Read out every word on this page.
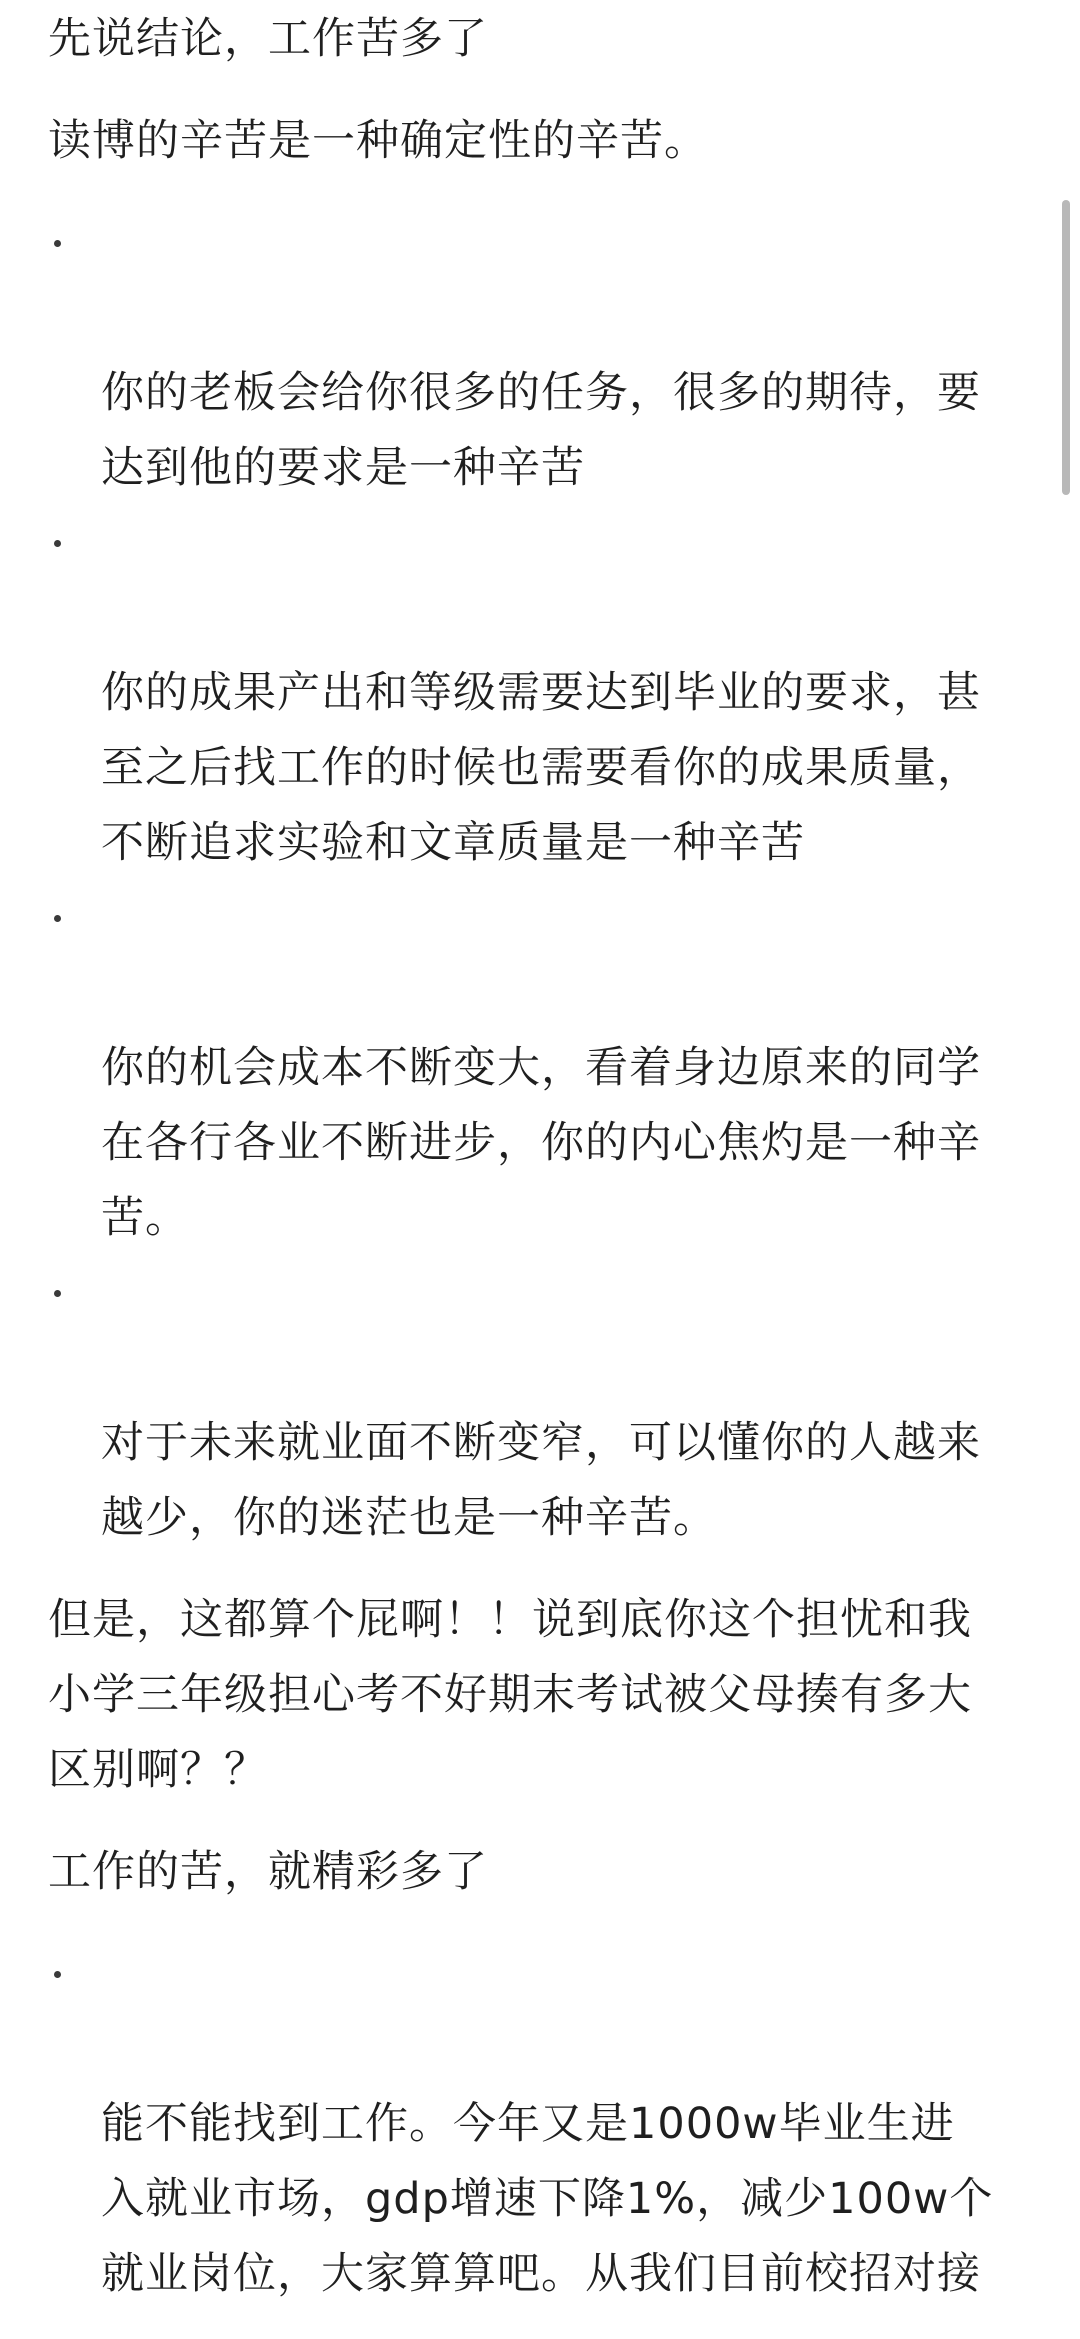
先说结论，工作苦多了

读博的辛苦是一种确定性的辛苦。

你的老板会给你很多的任务，很多的期待，要
达到他的要求是一种辛苦

你的成果产出和等级需要达到毕业的要求，甚
至之后找工作的时候也需要看你的成果质量，
不断追求实验和文章质量是一种辛苦

你的机会成本不断变大，看着身边原来的同学
在各行各业不断进步，你的内心焦灼是一种辛
苦。

对于未来就业面不断变窄，可以懂你的人越来
越少，你的迷茫也是一种辛苦。

但是，这都算个屁啊！！说到底你这个担忧和我
小学三年级担心考不好期末考试被父母揍有多大
区别啊？？

工作的苦，就精彩多了

能不能找到工作。今年又是1000w毕业生进
入就业市场，gdp增速下降1%，减少100w个
就业岗位，大家算算吧。从我们目前校招对接
